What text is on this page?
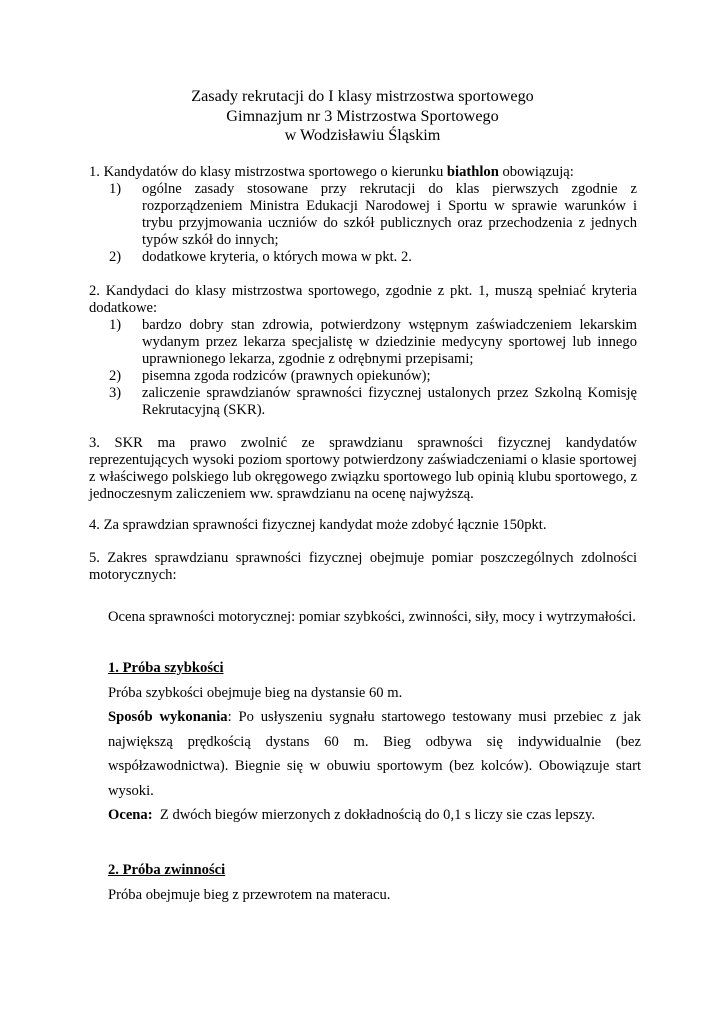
Zasady rekrutacji do I klasy mistrzostwa sportowego
Gimnazjum nr 3 Mistrzostwa Sportowego
w Wodzisławiu Śląskim

1. Kandydatów do klasy mistrzostwa sportowego o kierunku biathlon obowiązują:

1) ogólne zasady stosowane przy rekrutacji do klas pierwszych zgodnie z rozporządzeniem Ministra Edukacji Narodowej i Sportu w sprawie warunków i trybu przyjmowania uczniów do szkół publicznych oraz przechodzenia z jednych typów szkół do innych;
2) dodatkowe kryteria, o których mowa w pkt. 2.

2. Kandydaci do klasy mistrzostwa sportowego, zgodnie z pkt. 1, muszą spełniać kryteria dodatkowe:

1) bardzo dobry stan zdrowia, potwierdzony wstępnym zaświadczeniem lekarskim wydanym przez lekarza specjalistę w dziedzinie medycyny sportowej lub innego uprawnionego lekarza, zgodnie z odrębnymi przepisami;
2) pisemna zgoda rodziców (prawnych opiekunów);
3) zaliczenie sprawdzianów sprawności fizycznej ustalonych przez Szkolną Komisję Rekrutacyjną (SKR).

3. SKR ma prawo zwolnić ze sprawdzianu sprawności fizycznej kandydatów reprezentujących wysoki poziom sportowy potwierdzony zaświadczeniami o klasie sportowej z właściwego polskiego lub okręgowego związku sportowego lub opinią klubu sportowego, z jednoczesnym zaliczeniem ww. sprawdzianu na ocenę najwyższą.

4. Za sprawdzian sprawności fizycznej kandydat może zdobyć łącznie 150pkt.

5. Zakres sprawdzianu sprawności fizycznej obejmuje pomiar poszczególnych zdolności motorycznych:

Ocena sprawności motorycznej: pomiar szybkości, zwinności, siły, mocy i wytrzymałości.

1. Próba szybkości

Próba szybkości obejmuje bieg na dystansie 60 m.

Sposób wykonania: Po usłyszeniu sygnału startowego testowany musi przebiec z jak największą prędkością dystans 60 m. Bieg odbywa się indywidualnie (bez współzawodnictwa). Biegnie się w obuwiu sportowym (bez kolców). Obowiązuje start wysoki.

Ocena:  Z dwóch biegów mierzonych z dokładnością do 0,1 s liczy sie czas lepszy.

2. Próba zwinności

Próba obejmuje bieg z przewrotem na materacu.
